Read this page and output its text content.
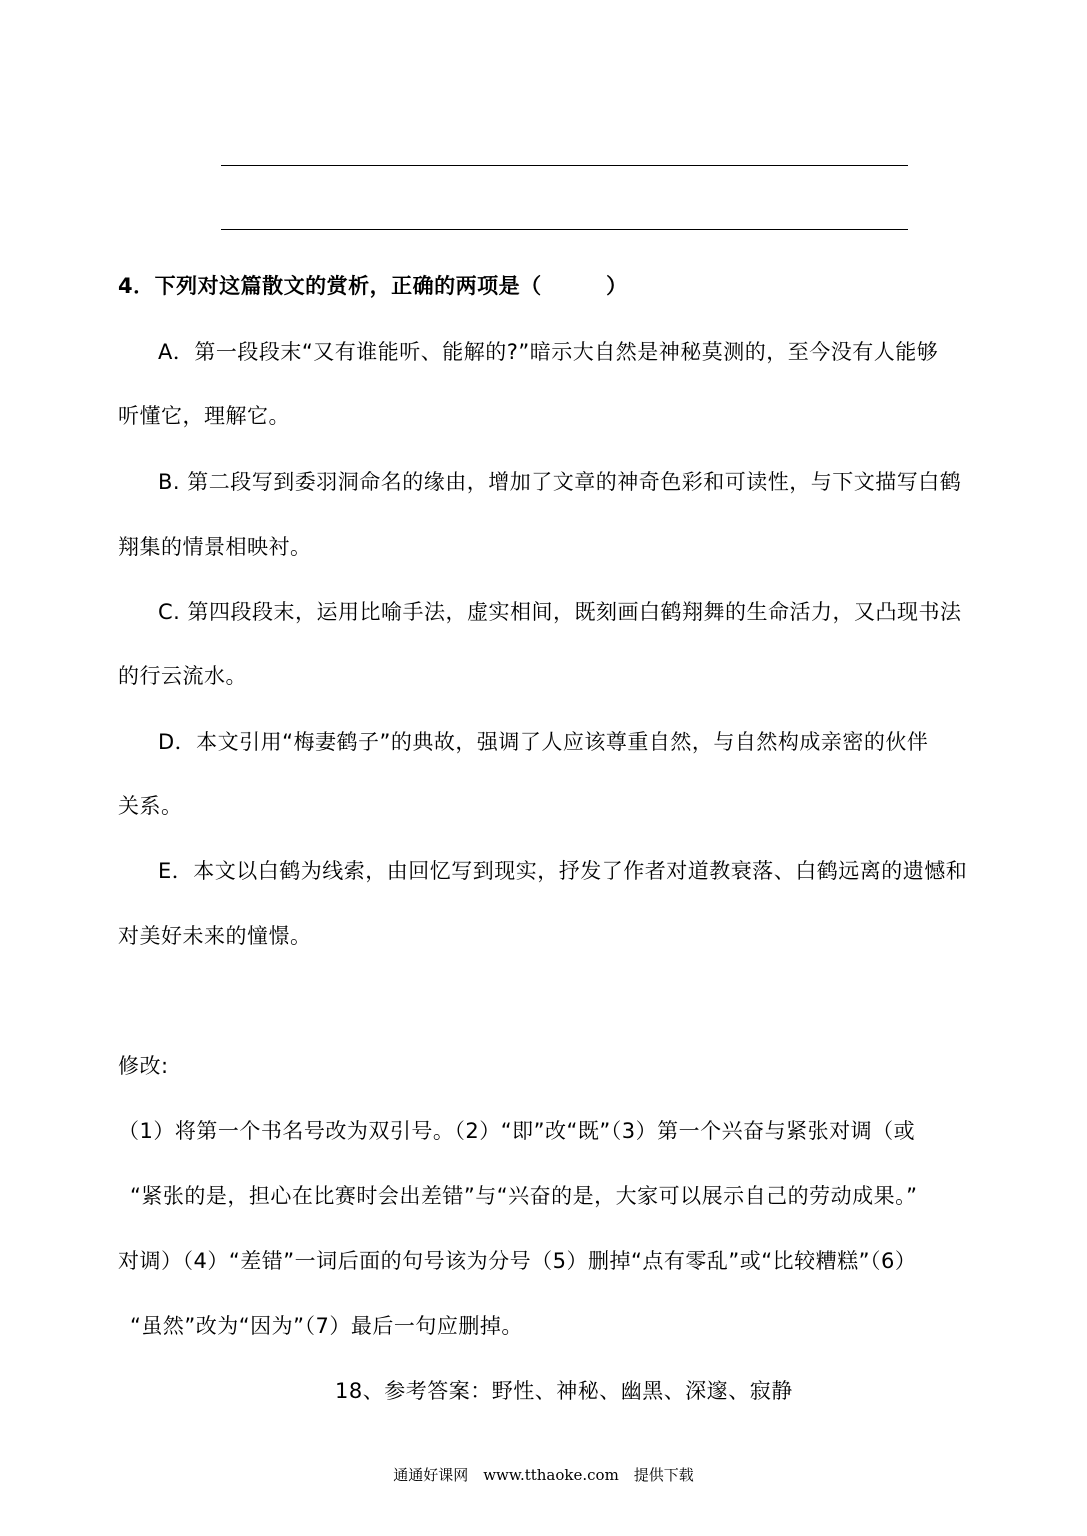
4．下列对这篇散文的赏析，正确的两项是（　　　）
A．第一段段末“又有谁能听、能解的?”暗示大自然是神秘莫测的，至今没有人能够
听懂它，理解它。
B. 第二段写到委羽洞命名的缘由，增加了文章的神奇色彩和可读性，与下文描写白鹤
翔集的情景相映衬。
C. 第四段段末，运用比喻手法，虚实相间，既刻画白鹤翔舞的生命活力，又凸现书法
的行云流水。
D．本文引用“梅妻鹤子”的典故，强调了人应该尊重自然，与自然构成亲密的伙伴
关系。
E．本文以白鹤为线索，由回忆写到现实，抒发了作者对道教衰落、白鹤远离的遗憾和
对美好未来的憧憬。
修改:
（1）将第一个书名号改为双引号。（2）“即”改“既”（3）第一个兴奋与紧张对调（或
“紧张的是，担心在比赛时会出差错”与“兴奋的是，大家可以展示自己的劳动成果。”
对调）（4）“差错”一词后面的句号该为分号（5）删掉“点有零乱”或“比较糟糕”（6）
“虽然”改为“因为”（7）最后一句应删掉。
18、参考答案：野性、神秘、幽黑、深邃、寂静
通通好课网　www.tthaoke.com　提供下载
